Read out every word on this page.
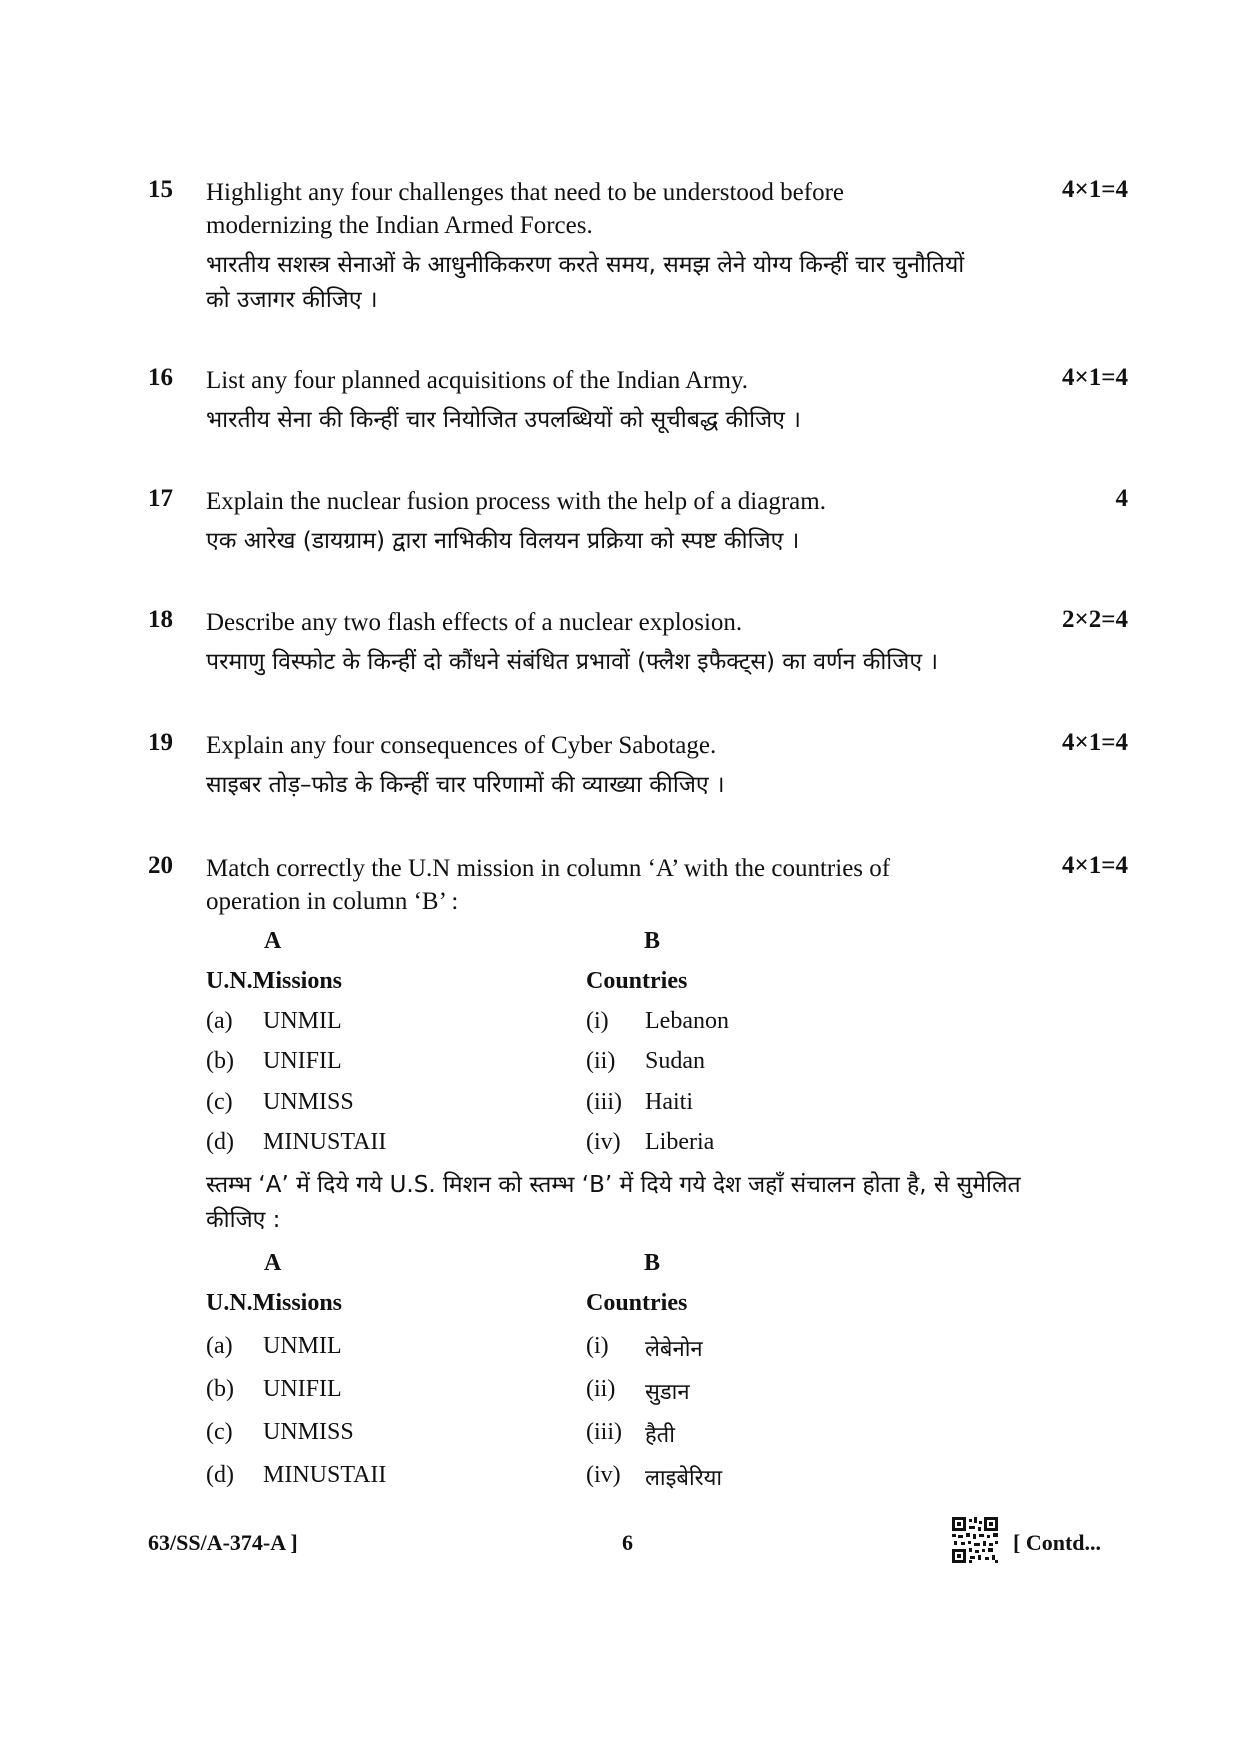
15	4×1=4
Highlight any four challenges that need to be understood before modernizing the Indian Armed Forces.
भारतीय सशस्त्र सेनाओं के आधुनीकिकरण करते समय, समझ लेने योग्य किन्हीं चार चुनौतियों को उजागर कीजिए ।
16	4×1=4
List any four planned acquisitions of the Indian Army.
भारतीय सेना की किन्हीं चार नियोजित उपलब्धियों को सूचीबद्ध कीजिए ।
17	4
Explain the nuclear fusion process with the help of a diagram.
एक आरेख (डायग्राम) द्वारा नाभिकीय विलयन प्रक्रिया को स्पष्ट कीजिए ।
18	2×2=4
Describe any two flash effects of a nuclear explosion.
परमाणु विस्फोट के किन्हीं दो कौंधने संबंधित प्रभावों (फ्लैश इफैक्ट्स) का वर्णन कीजिए ।
19	4×1=4
Explain any four consequences of Cyber Sabotage.
साइबर तोड़–फोड के किन्हीं चार परिणामों की व्याख्या कीजिए ।
20	4×1=4
Match correctly the U.N mission in column ‘A’ with the countries of operation in column ‘B’ :
A	B
U.N.Missions	Countries
(a) UNMIL	(i) Lebanon
(b) UNIFIL	(ii) Sudan
(c) UNMISS	(iii) Haiti
(d) MINUSTAII	(iv) Liberia
स्तम्भ ‘A’ में दिये गये U.S. मिशन को स्तम्भ ‘B’ में दिये गये देश जहाँ संचालन होता है, से सुमेलित कीजिए :
A	B
U.N.Missions	Countries
(a) UNMIL	(i) लेबेनोन
(b) UNIFIL	(ii) सुडान
(c) UNMISS	(iii) हैती
(d) MINUSTAII	(iv) लाइबेरिया
63/SS/A-374-A ]	6	[ Contd...
